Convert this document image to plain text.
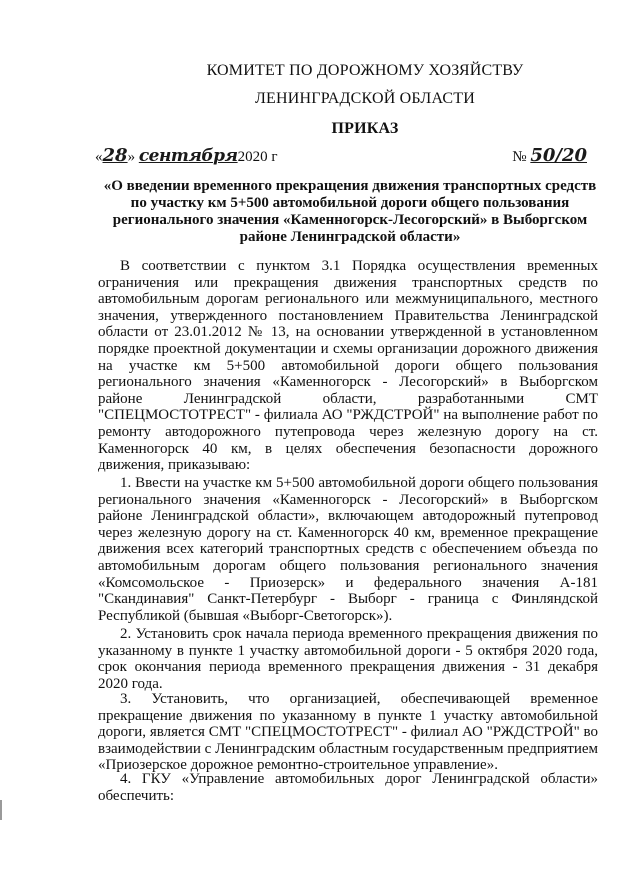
КОМИТЕТ ПО ДОРОЖНОМУ ХОЗЯЙСТВУ
ЛЕНИНГРАДСКОЙ ОБЛАСТИ
ПРИКАЗ
«28» сентября2020 г	№ 50/20
«О введении временного прекращения движения транспортных средств по участку км 5+500 автомобильной дороги общего пользования регионального значения «Каменногорск-Лесогорский» в Выборгском районе Ленинградской области»

В соответствии с пунктом 3.1 Порядка осуществления временных ограничения или прекращения движения транспортных средств по автомобильным дорогам регионального или межмуниципального, местного значения, утвержденного постановлением Правительства Ленинградской области от 23.01.2012 № 13, на основании утвержденной в установленном порядке проектной документации и схемы организации дорожного движения на участке км 5+500 автомобильной дороги общего пользования регионального значения «Каменногорск - Лесогорский» в Выборгском районе Ленинградской области, разработанными СМТ "СПЕЦМОСТОТРЕСТ" - филиала АО "РЖДСТРОЙ" на выполнение работ по ремонту автодорожного путепровода через железную дорогу на ст. Каменногорск 40 км, в целях обеспечения безопасности дорожного движения, приказываю:

1. Ввести на участке км 5+500 автомобильной дороги общего пользования регионального значения «Каменногорск - Лесогорский» в Выборгском районе Ленинградской области», включающем автодорожный путепровод через железную дорогу на ст. Каменногорск 40 км, временное прекращение движения всех категорий транспортных средств с обеспечением объезда по автомобильным дорогам общего пользования регионального значения «Комсомольское - Приозерск» и федерального значения А-181 "Скандинавия" Санкт-Петербург - Выборг - граница с Финляндской Республикой (бывшая «Выборг-Светогорск»).

2. Установить срок начала периода временного прекращения движения по указанному в пункте 1 участку автомобильной дороги - 5 октября 2020 года, срок окончания периода временного прекращения движения - 31 декабря 2020 года.

3. Установить, что организацией, обеспечивающей временное прекращение движения по указанному в пункте 1 участку автомобильной дороги, является СМТ "СПЕЦМОСТОТРЕСТ" - филиал АО "РЖДСТРОЙ" во взаимодействии с Ленинградским областным государственным предприятием «Приозерское дорожное ремонтно-строительное управление».

4. ГКУ «Управление автомобильных дорог Ленинградской области» обеспечить:
